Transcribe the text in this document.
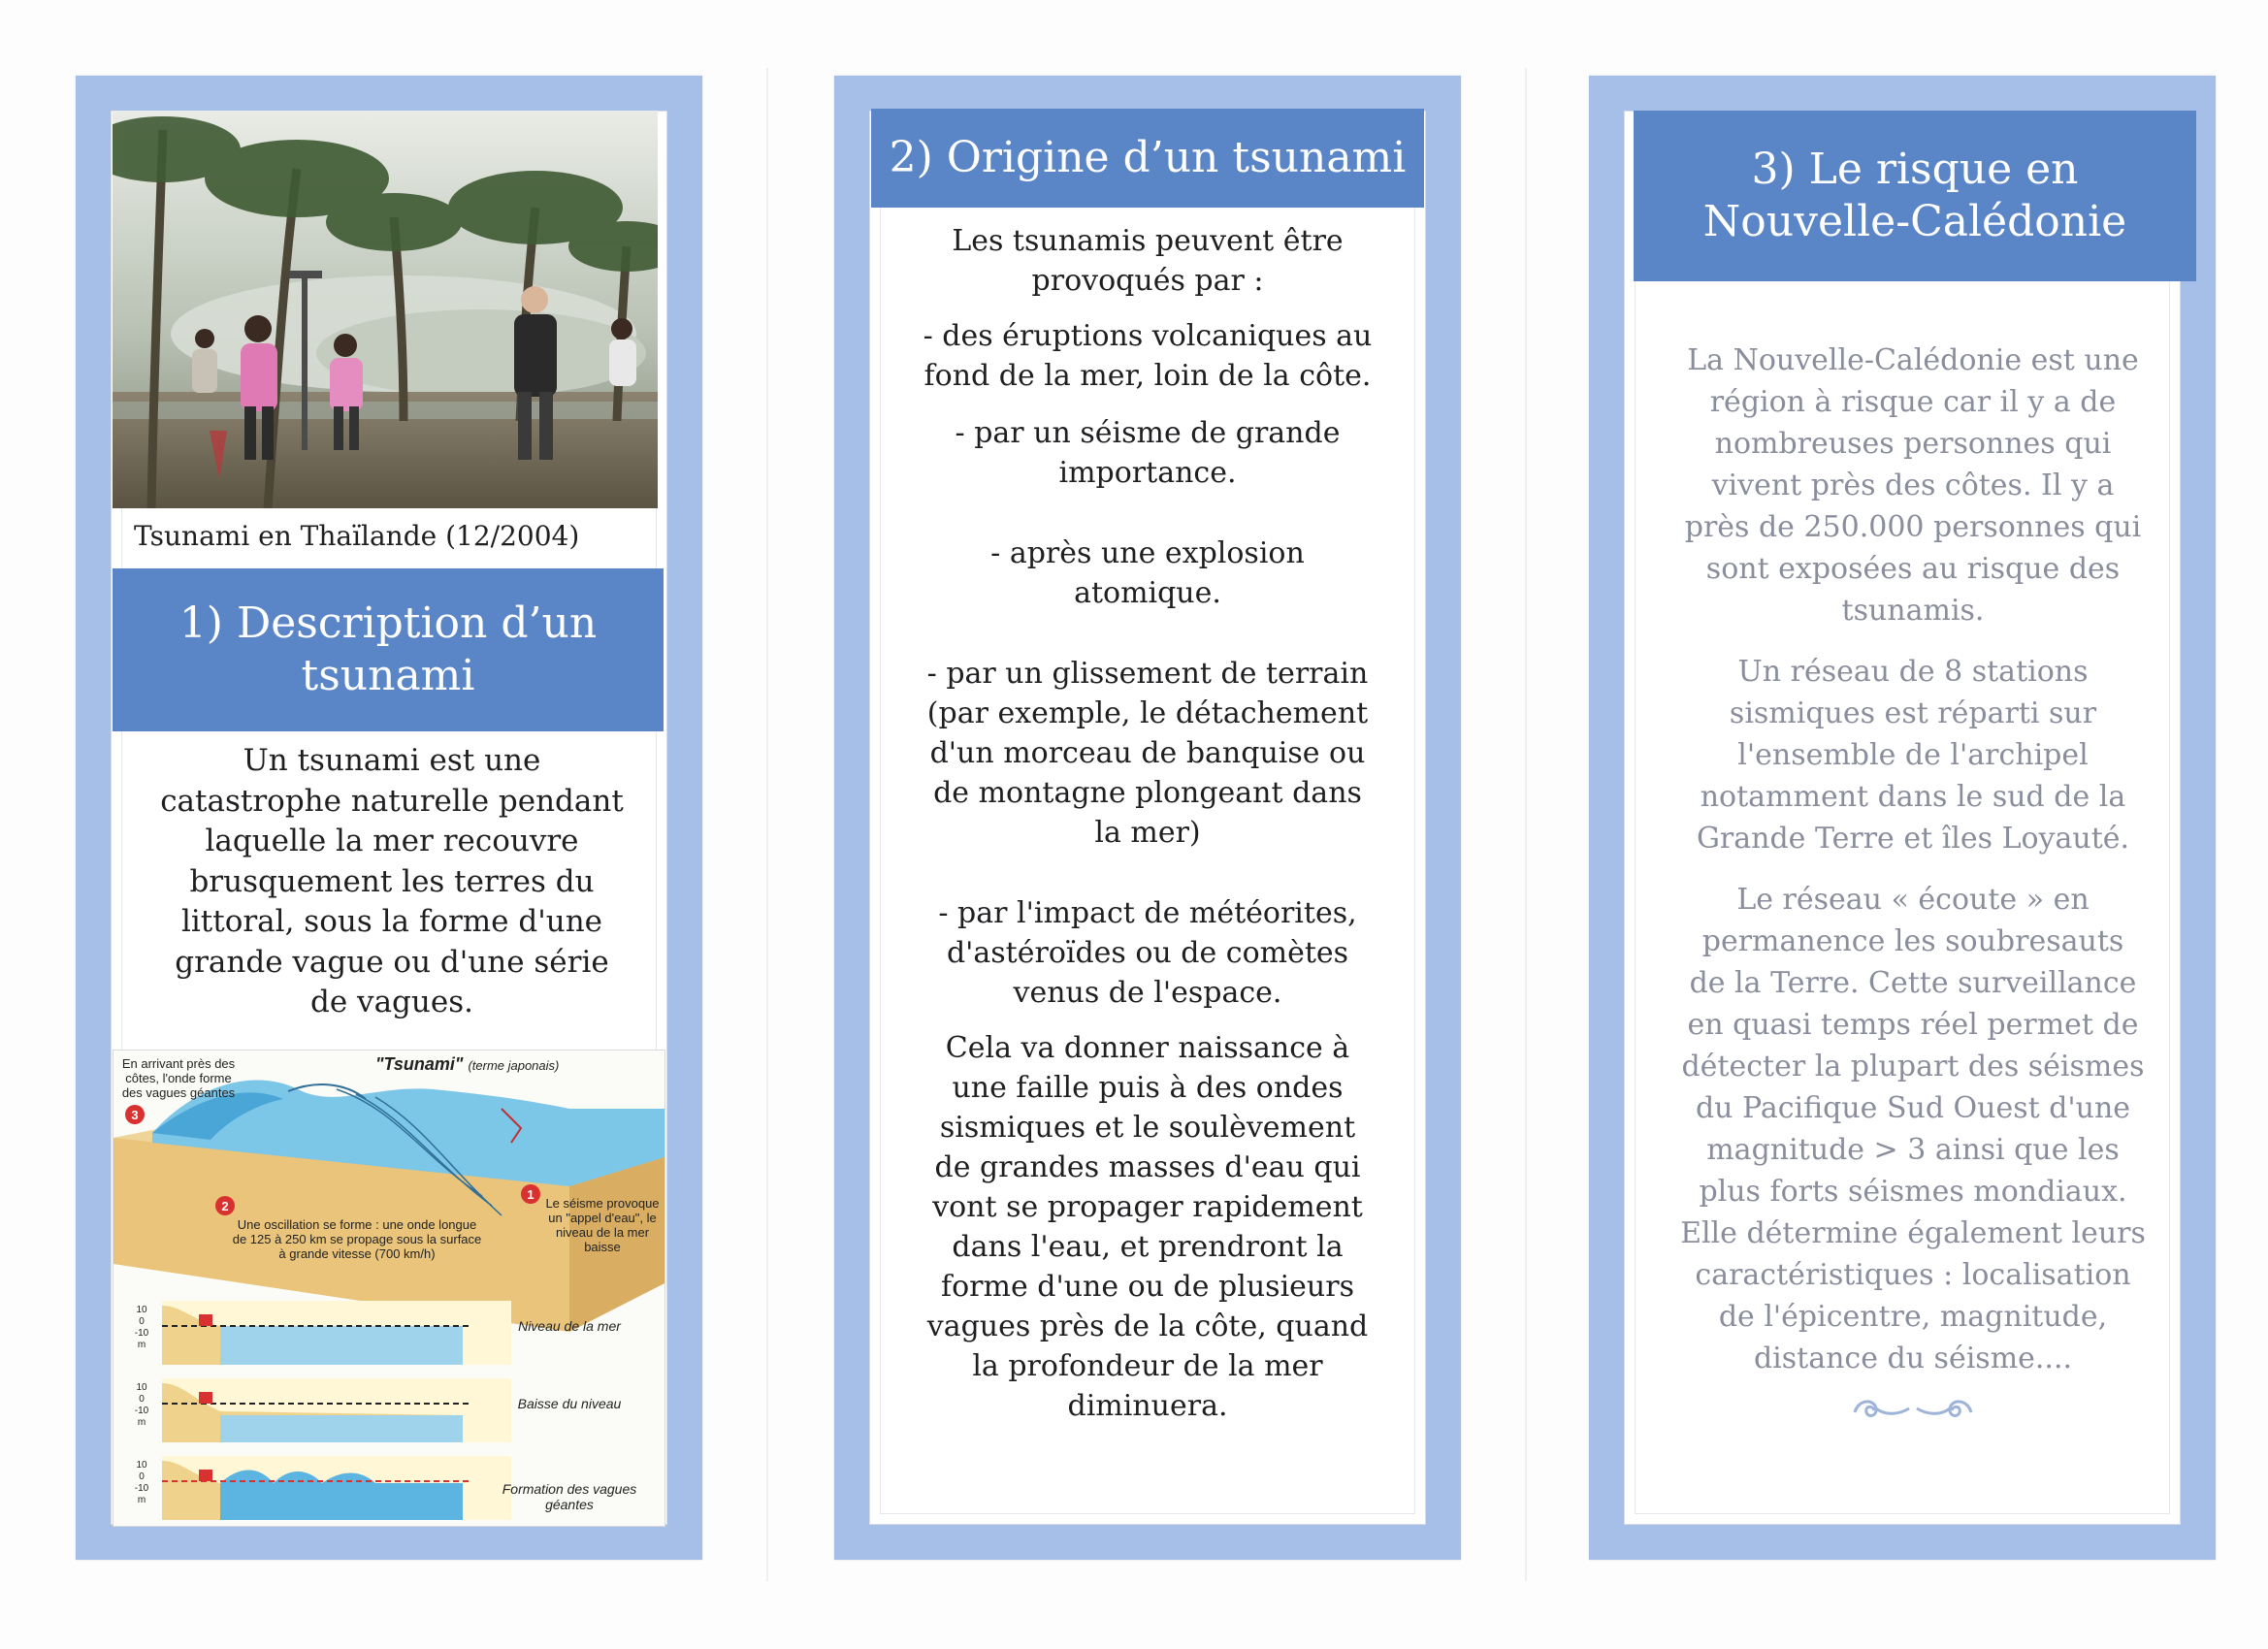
Tsunami en Thaïlande (12/2004)
1) Description d’un tsunami

Un tsunami est une catastrophe naturelle pendant laquelle la mer recouvre brusquement les terres du littoral, sous la forme d'une grande vague ou d'une série de vagues.

3
2
1
"Tsunami" (terme japonais)
En arrivant près des côtes, l'onde forme des vagues géantes
Une oscillation se forme : une onde longue de 125 à 250 km se propage sous la surface à grande vitesse (700 km/h)
Le séisme provoque un "appel d'eau", le niveau de la mer baisse
Niveau de la mer
Baisse du niveau
Formation des vagues géantes
10
0
-10
m
10
0
-10
m
10
0
-10
m
2) Origine d’un tsunami

Les tsunamis peuvent être provoqués par :

- des éruptions volcaniques au fond de la mer, loin de la côte.

- par un séisme de grande importance.

- après une explosion atomique.

- par un glissement de terrain (par exemple, le détachement d'un morceau de banquise ou de montagne plongeant dans la mer)

- par l'impact de météorites, d'astéroïdes ou de comètes venus de l'espace.

Cela va donner naissance à une faille puis à des ondes sismiques et le soulèvement de grandes masses d'eau qui vont se propager rapidement dans l'eau, et prendront la forme d'une ou de plusieurs vagues près de la côte, quand la profondeur de la mer diminuera.

3) Le risque en Nouvelle-Calédonie

La Nouvelle-Calédonie est une région à risque car il y a de nombreuses personnes qui vivent près des côtes. Il y a près de 250.000 personnes qui sont exposées au risque des tsunamis.

Un réseau de 8 stations sismiques est réparti sur l'ensemble de l'archipel notamment dans le sud de la Grande Terre et îles Loyauté.

Le réseau « écoute » en permanence les soubresauts de la Terre. Cette surveillance en quasi temps réel permet de détecter la plupart des séismes du Pacifique Sud Ouest d'une magnitude > 3 ainsi que les plus forts séismes mondiaux. Elle détermine également leurs caractéristiques : localisation de l'épicentre, magnitude, distance du séisme....
